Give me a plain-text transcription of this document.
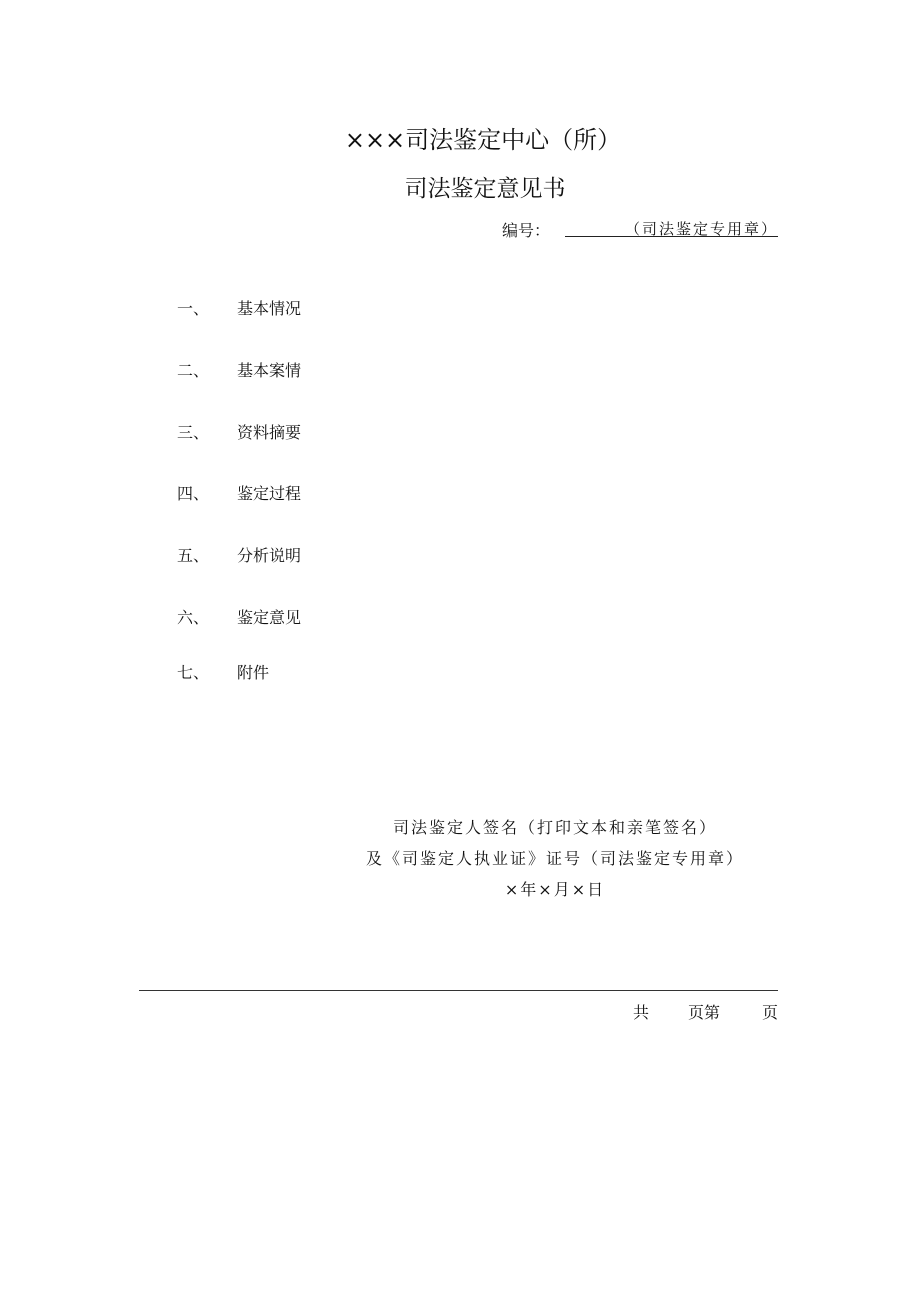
×××司法鉴定中心（所）
司法鉴定意见书
编号：	（司法鉴定专用章）
一、 基本情况
二、 基本案情
三、 资料摘要
四、 鉴定过程
五、 分析说明
六、 鉴定意见
七、 附件
司法鉴定人签名（打印文本和亲笔签名）
及《司鉴定人执业证》证号（司法鉴定专用章）
×年×月×日
共 页第	页
